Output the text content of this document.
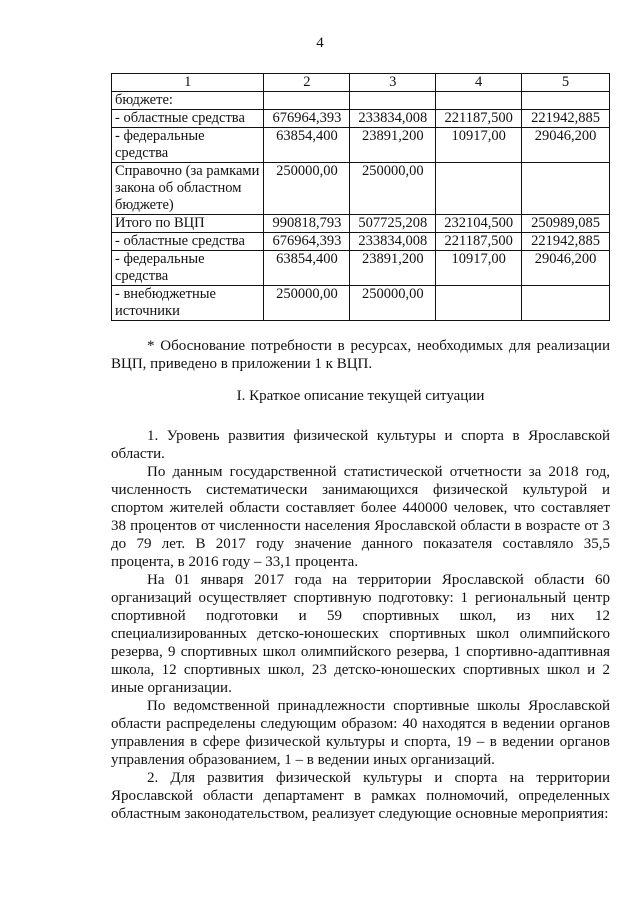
4
1	2	3	4	5
бюджете:				
- областные средства	676964,393	233834,008	221187,500	221942,885
- федеральные средства	63854,400	23891,200	10917,00	29046,200
Справочно (за рамками закона об областном бюджете)	250000,00	250000,00		
Итого по ВЦП	990818,793	507725,208	232104,500	250989,085
- областные средства	676964,393	233834,008	221187,500	221942,885
- федеральные средства	63854,400	23891,200	10917,00	29046,200
- внебюджетные источники	250000,00	250000,00		

* Обоснование потребности в ресурсах, необходимых для реализации ВЦП, приведено в приложении 1 к ВЦП.

I. Краткое описание текущей ситуации

1. Уровень развития физической культуры и спорта в Ярославской области.

По данным государственной статистической отчетности за 2018 год, численность систематически занимающихся физической культурой и спортом жителей области составляет более 440000 человек, что составляет 38 процентов от численности населения Ярославской области в возрасте от 3 до 79 лет. В 2017 году значение данного показателя составляло 35,5 процента, в 2016 году – 33,1 процента.

На 01 января 2017 года на территории Ярославской области 60 организаций осуществляет спортивную подготовку: 1 региональный центр спортивной подготовки и 59 спортивных школ, из них 12 специализированных детско-юношеских спортивных школ олимпийского резерва, 9 спортивных школ олимпийского резерва, 1 спортивно-адаптивная школа, 12 спортивных школ, 23 детско-юношеских спортивных школ и 2 иные организации.

По ведомственной принадлежности спортивные школы Ярославской области распределены следующим образом: 40 находятся в ведении органов управления в сфере физической культуры и спорта, 19 – в ведении органов управления образованием, 1 – в ведении иных организаций.

2. Для развития физической культуры и спорта на территории Ярославской области департамент в рамках полномочий, определенных областным законодательством, реализует следующие основные мероприятия:
